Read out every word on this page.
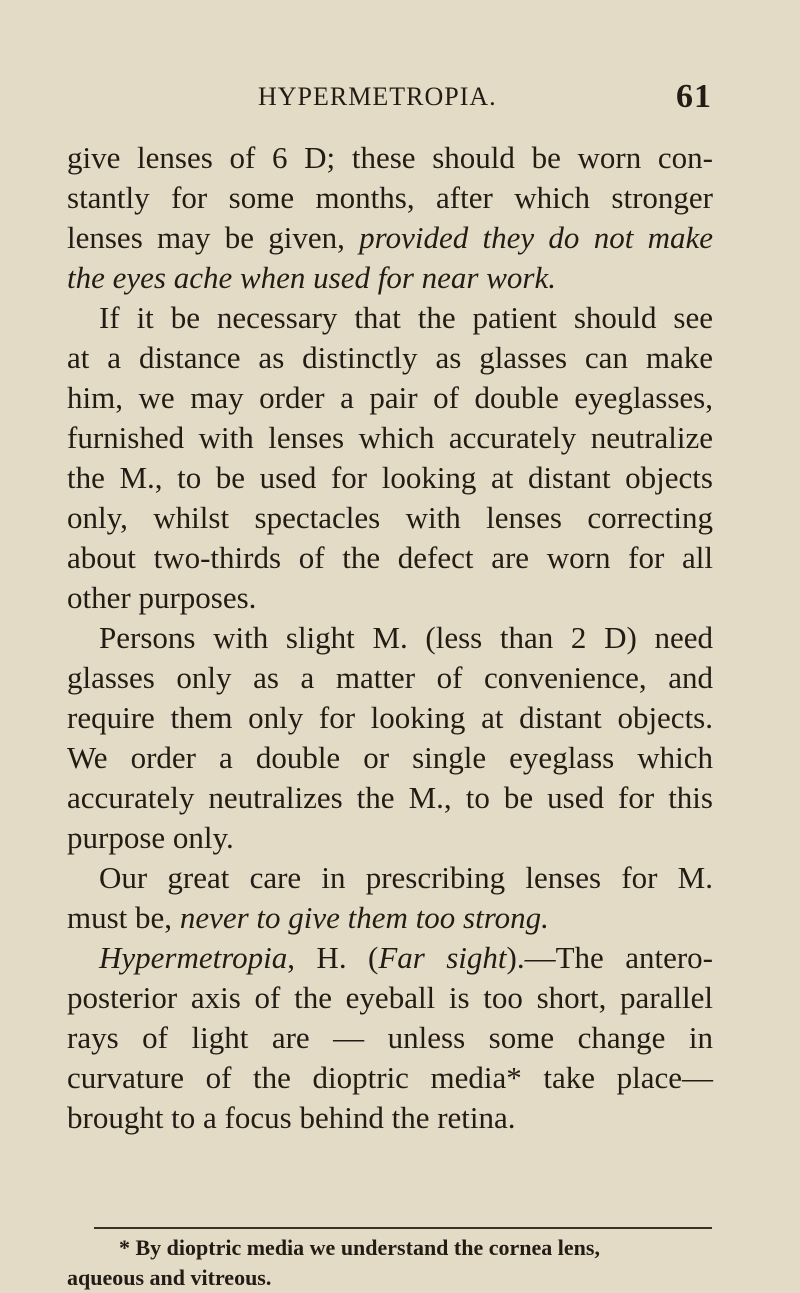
HYPERMETROPIA.	61
give lenses of 6 D; these should be worn con-
stantly for some months, after which stronger
lenses may be given, provided they do not make
the eyes ache when used for near work.
If it be necessary that the patient should see
at a distance as distinctly as glasses can make
him, we may order a pair of double eyeglasses,
furnished with lenses which accurately neutralize
the M., to be used for looking at distant objects
only, whilst spectacles with lenses correcting
about two-thirds of the defect are worn for all
other purposes.
Persons with slight M. (less than 2 D) need
glasses only as a matter of convenience, and
require them only for looking at distant objects.
We order a double or single eyeglass which
accurately neutralizes the M., to be used for this
purpose only.
Our great care in prescribing lenses for M.
must be, never to give them too strong.
Hypermetropia, H. (Far sight).—The antero-
posterior axis of the eyeball is too short, parallel
rays of light are — unless some change in
curvature of the dioptric media* take place—
brought to a focus behind the retina.
* By dioptric media we understand the cornea lens,
aqueous and vitreous.
